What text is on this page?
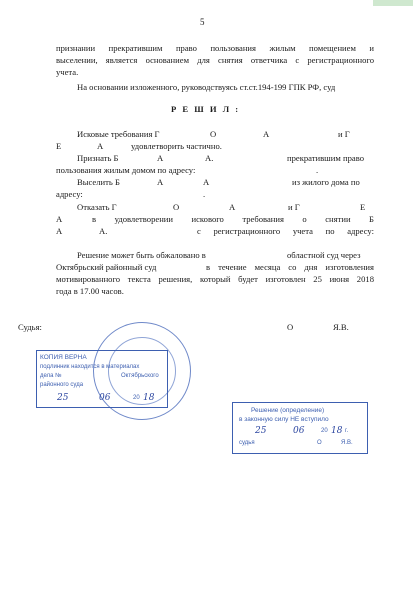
5
признании прекратившим право пользования жилым помещением и
выселении, является основанием для снятия ответчика с регистрационного
учета.
На основании изложенного, руководствуясь ст.ст.194-199 ГПК РФ, суд
Р Е Ш И Л :
Исковые требования Г	О	А	и Г
Е	А	удовлетворить частично.
Признать Б	А	А.	прекратившим право
пользования жилым домом по адресу:	.
Выселить Б	А	А	из жилого дома по
адресу:	.
Отказать Г	О	А	и Г	Е
А	в удовлетворении искового требования о снятии Б
А	А.	с регистрационного учета по адресу:
Решение может быть обжаловано в	областной суд через
Октябрьский районный суд	в течение месяца со дня изготовления
мотивированного текста решения, который будет изготовлен 25 июня 2018
года в 17.00 часов.
Судья:	О	Я.В.
КОПИЯ ВЕРНА
подлинник находится в материалах
дела №	Октябрьского
районного суда
25	06	20 18
Решение (определение)
в законную силу НЕ вступило
25	06	20 18 г.
судья	О	Я.В.
